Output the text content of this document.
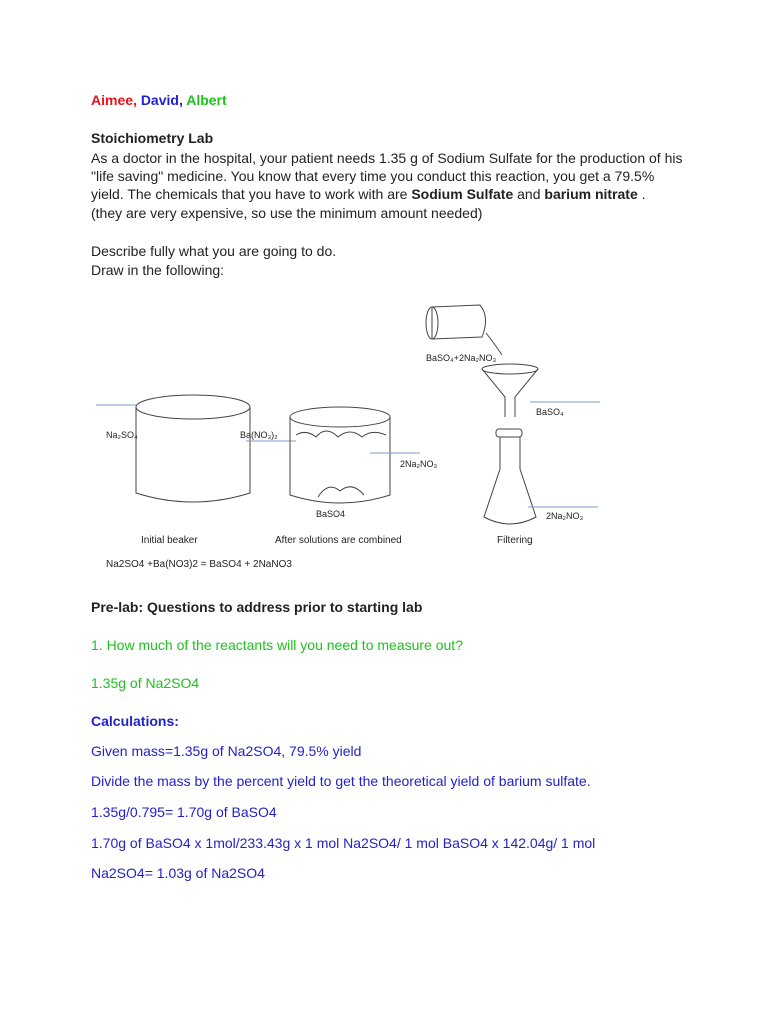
Aimee, David, Albert
Stoichiometry Lab
As a doctor in the hospital, your patient needs 1.35 g of Sodium Sulfate for the production of his
"life saving" medicine. You know that every time you conduct this reaction, you get a 79.5%
yield. The chemicals that you have to work with are Sodium Sulfate and barium nitrate .
(they are very expensive, so use the minimum amount needed)
Describe fully what you are going to do.
Draw in the following:
Na₂SO₄	Ba(NO₃)₂
2Na₂NO₃
BaSO4
BaSO₄+2Na₂NO₃
BaSO₄
2Na₂NO₃
Initial beaker	After solutions are combined	Filtering
Na2SO4 +Ba(NO3)2 = BaSO4 + 2NaNO3
Pre-lab: Questions to address prior to starting lab
1. How much of the reactants will you need to measure out?
1.35g of Na2SO4
Calculations:
Given mass=1.35g of Na2SO4, 79.5% yield
Divide the mass by the percent yield to get the theoretical yield of barium sulfate.
1.35g/0.795= 1.70g of BaSO4
1.70g of BaSO4 x 1mol/233.43g x 1 mol Na2SO4/ 1 mol BaSO4 x 142.04g/ 1 mol
Na2SO4= 1.03g of Na2SO4
